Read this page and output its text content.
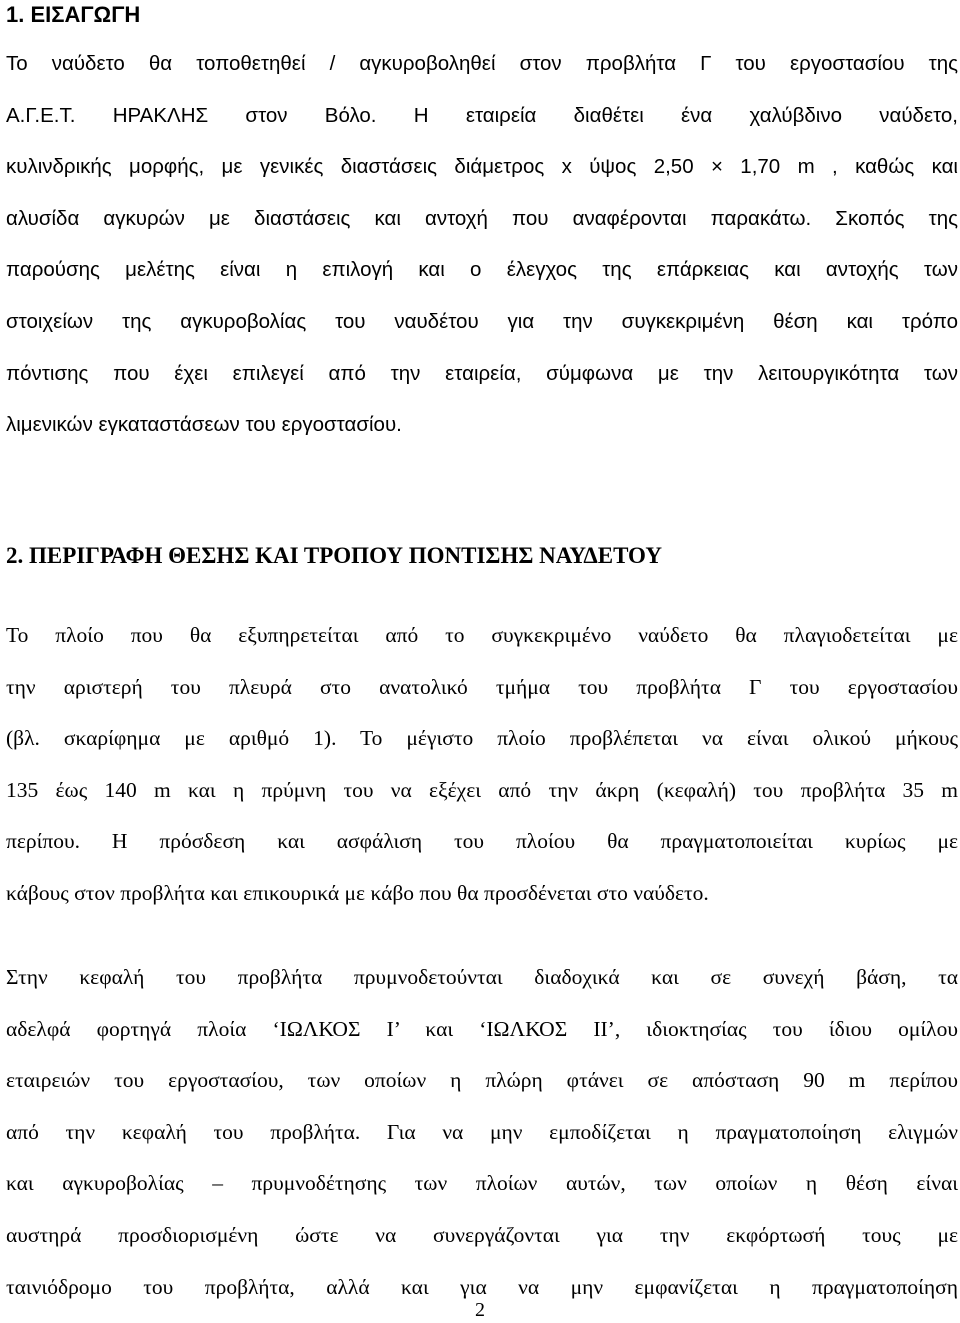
1. ΕΙΣΑΓΩΓΗ
Το ναύδετο θα τοποθετηθεί / αγκυροβοληθεί στον προβλήτα Γ του εργοστασίου της
Α.Γ.Ε.Τ. ΗΡΑΚΛΗΣ στον Βόλο. Η εταιρεία διαθέτει ένα χαλύβδινο ναύδετο,
κυλινδρικής μορφής, με γενικές διαστάσεις διάμετρος x ύψος 2,50 × 1,70 m , καθώς και
αλυσίδα αγκυρών με διαστάσεις και αντοχή που αναφέρονται παρακάτω. Σκοπός της
παρούσης μελέτης είναι η επιλογή και ο έλεγχος της επάρκειας και αντοχής των
στοιχείων της αγκυροβολίας του ναυδέτου για την συγκεκριμένη θέση και τρόπο
πόντισης που έχει επιλεγεί από την εταιρεία, σύμφωνα με την λειτουργικότητα των
λιμενικών εγκαταστάσεων του εργοστασίου.
2. ΠΕΡΙΓΡΑΦΗ ΘΕΣΗΣ ΚΑΙ ΤΡΟΠΟΥ ΠΟΝΤΙΣΗΣ ΝΑΥΔΕΤΟΥ
Το πλοίο που θα εξυπηρετείται από το συγκεκριμένο ναύδετο θα πλαγιοδετείται με
την αριστερή του πλευρά στο ανατολικό τμήμα του προβλήτα Γ του εργοστασίου
(βλ. σκαρίφημα με αριθμό 1). Το μέγιστο πλοίο προβλέπεται να είναι ολικού μήκους
135 έως 140 m και η πρύμνη του να εξέχει από την άκρη (κεφαλή) του προβλήτα 35 m
περίπου. Η πρόσδεση και ασφάλιση του πλοίου θα πραγματοποιείται κυρίως με
κάβους στον προβλήτα και επικουρικά με κάβο που θα προσδένεται στο ναύδετο.
Στην κεφαλή του προβλήτα πρυμνοδετούνται διαδοχικά και σε συνεχή βάση, τα
αδελφά φορτηγά πλοία ‘ΙΩΛΚΟΣ Ι’ και ‘ΙΩΛΚΟΣ ΙΙ’, ιδιοκτησίας του ίδιου ομίλου
εταιρειών του εργοστασίου, των οποίων η πλώρη φτάνει σε απόσταση 90 m περίπου
από την κεφαλή του προβλήτα. Για να μην εμποδίζεται η πραγματοποίηση ελιγμών
και αγκυροβολίας – πρυμνοδέτησης των πλοίων αυτών, των οποίων η θέση είναι
αυστηρά προσδιορισμένη ώστε να συνεργάζονται για την εκφόρτωσή τους με
ταινιόδρομο του προβλήτα, αλλά και για να μην εμφανίζεται η πραγματοποίηση
2
